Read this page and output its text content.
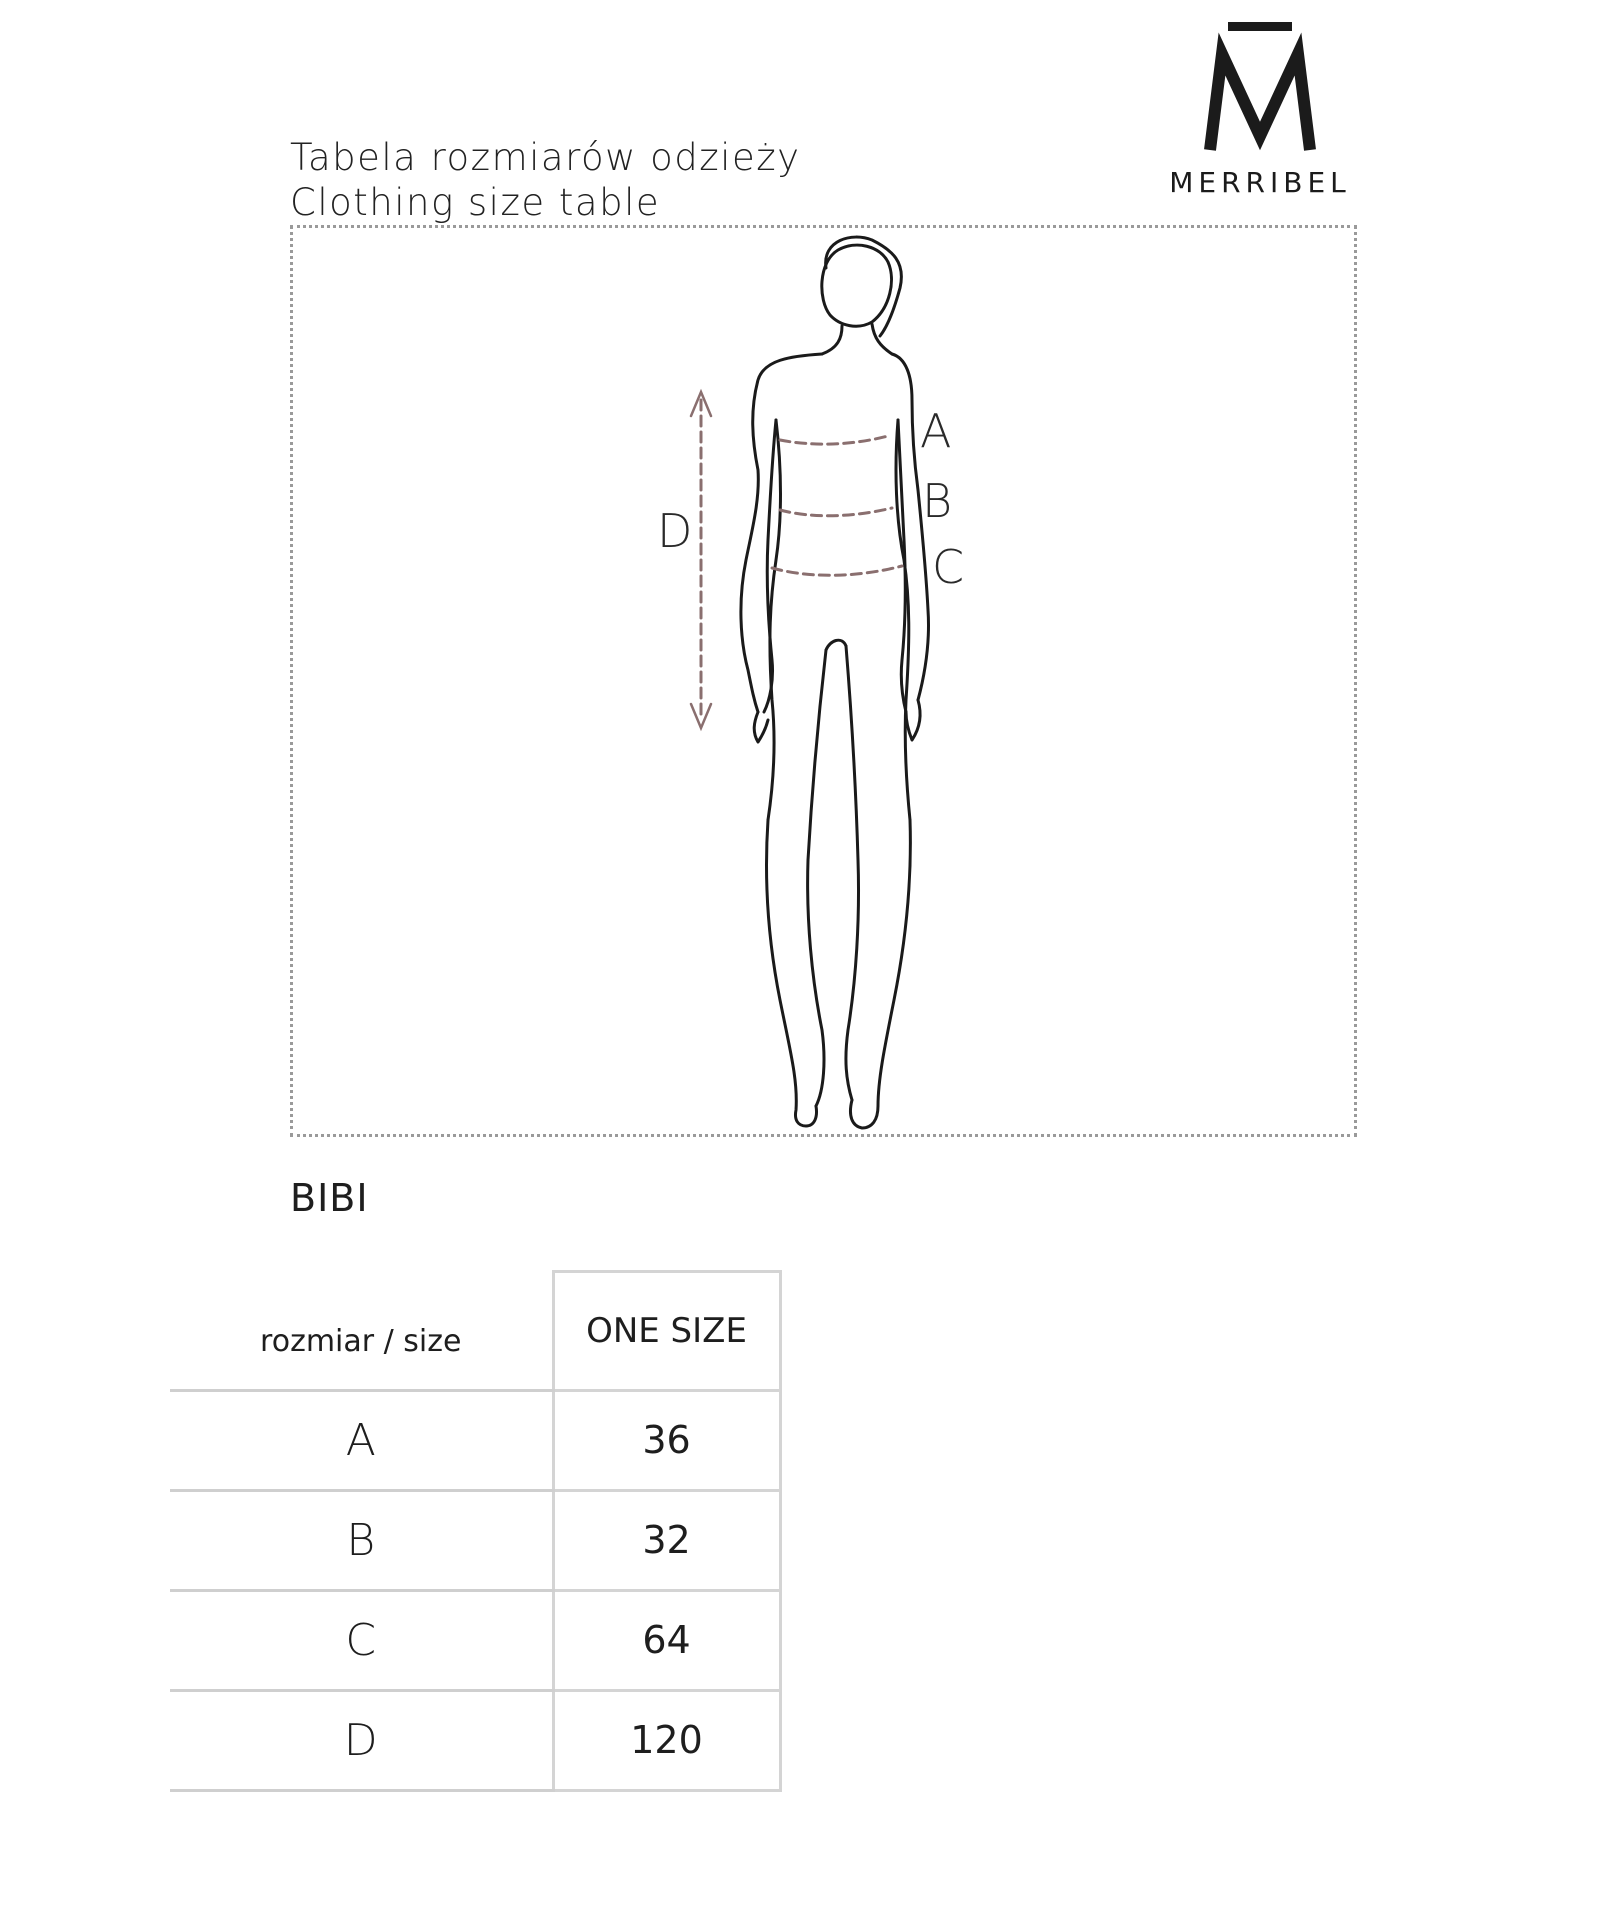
Tabela rozmiarów odzieży
Clothing size table	MERRIBEL
A
B
C
D
BIBI
rozmiar / size	ONE SIZE
A	36
B	32
C	64
D	120
